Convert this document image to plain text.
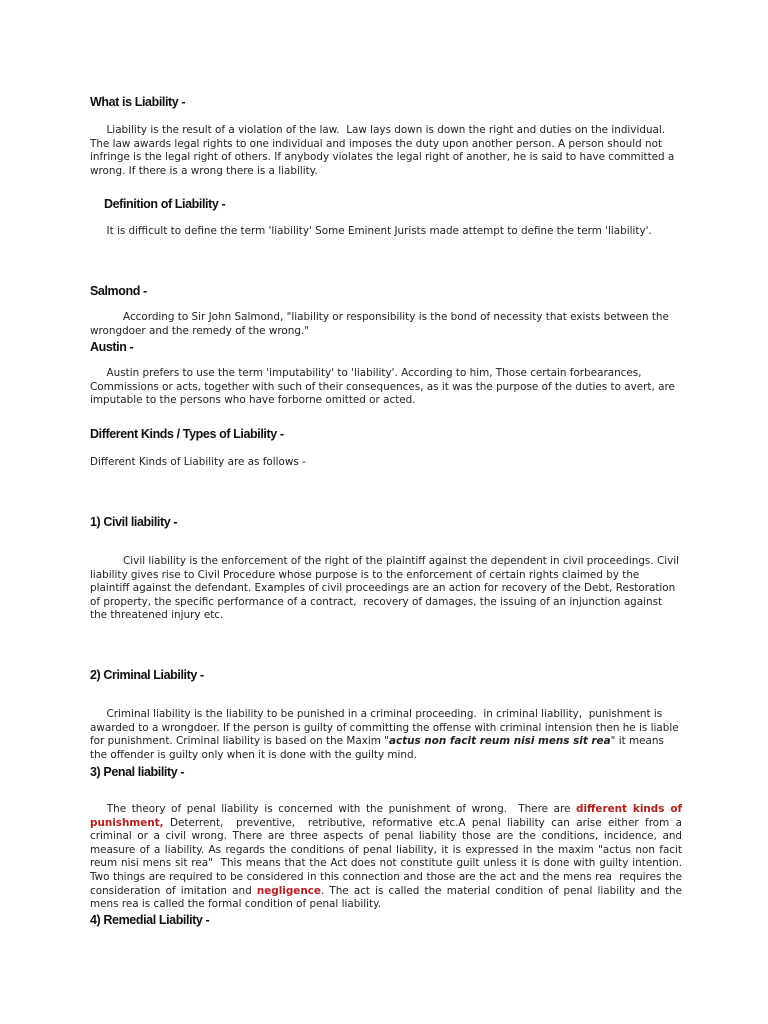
What is Liability -

Liability is the result of a violation of the law.  Law lays down is down the right and duties on the individual. The law awards legal rights to one individual and imposes the duty upon another person. A person should not infringe is the legal right of others. If anybody violates the legal right of another, he is said to have committed a wrong. If there is a wrong there is a liability.

Definition of Liability -

It is difficult to define the term 'liability' Some Eminent Jurists made attempt to define the term 'liability'.

Salmond -

According to Sir John Salmond, "liability or responsibility is the bond of necessity that exists between the wrongdoer and the remedy of the wrong."

Austin -

Austin prefers to use the term 'imputability' to 'liability'. According to him, Those certain forbearances, Commissions or acts, together with such of their consequences, as it was the purpose of the duties to avert, are imputable to the persons who have forborne omitted or acted.

Different Kinds / Types of Liability -

Different Kinds of Liability are as follows -

1) Civil liability -

Civil liability is the enforcement of the right of the plaintiff against the dependent in civil proceedings. Civil liability gives rise to Civil Procedure whose purpose is to the enforcement of certain rights claimed by the plaintiff against the defendant. Examples of civil proceedings are an action for recovery of the Debt, Restoration of property, the specific performance of a contract,  recovery of damages, the issuing of an injunction against the threatened injury etc.

2) Criminal Liability -

Criminal liability is the liability to be punished in a criminal proceeding.  in criminal liability,  punishment is awarded to a wrongdoer. If the person is guilty of committing the offense with criminal intension then he is liable for punishment. Criminal liability is based on the Maxim "actus non facit reum nisi mens sit rea" it means the offender is guilty only when it is done with the guilty mind.

3) Penal liability -

The theory of penal liability is concerned with the punishment of wrong.  There are different kinds of punishment, Deterrent,  preventive,  retributive, reformative etc.A penal liability can arise either from a criminal or a civil wrong. There are three aspects of penal liability those are the conditions, incidence, and measure of a liability. As regards the conditions of penal liability, it is expressed in the maxim "actus non facit reum nisi mens sit rea"  This means that the Act does not constitute guilt unless it is done with guilty intention. Two things are required to be considered in this connection and those are the act and the mens rea  requires the consideration of imitation and negligence. The act is called the material condition of penal liability and the mens rea is called the formal condition of penal liability.

4) Remedial Liability -
